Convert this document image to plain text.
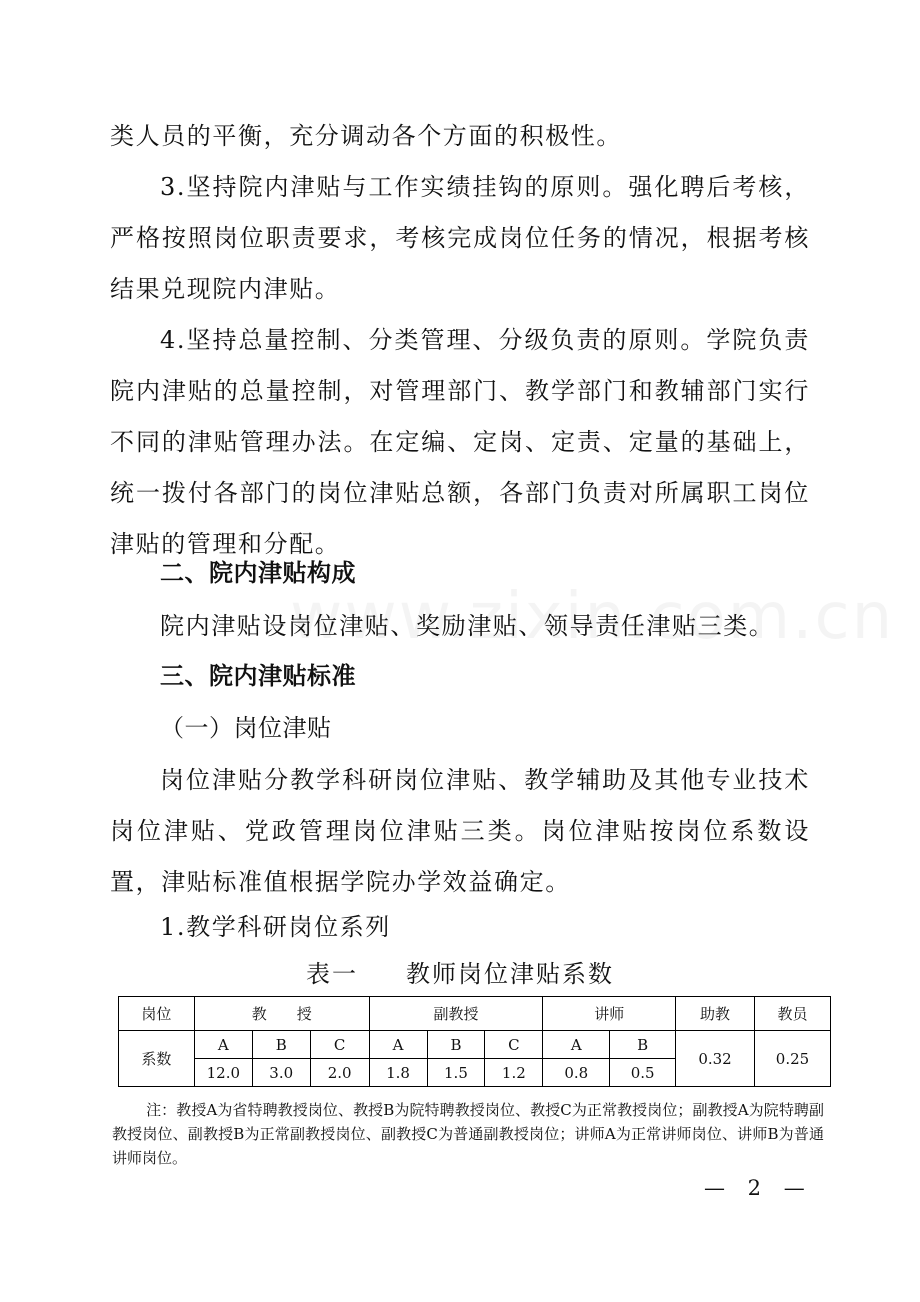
类人员的平衡，充分调动各个方面的积极性。

3.坚持院内津贴与工作实绩挂钩的原则。强化聘后考核，严格按照岗位职责要求，考核完成岗位任务的情况，根据考核结果兑现院内津贴。

4.坚持总量控制、分类管理、分级负责的原则。学院负责院内津贴的总量控制，对管理部门、教学部门和教辅部门实行不同的津贴管理办法。在定编、定岗、定责、定量的基础上，统一拨付各部门的岗位津贴总额，各部门负责对所属职工岗位津贴的管理和分配。

二、院内津贴构成

院内津贴设岗位津贴、奖励津贴、领导责任津贴三类。

三、院内津贴标准

（一）岗位津贴

岗位津贴分教学科研岗位津贴、教学辅助及其他专业技术岗位津贴、党政管理岗位津贴三类。岗位津贴按岗位系数设置，津贴标准值根据学院办学效益确定。

1.教学科研岗位系列

表一 教师岗位津贴系数
岗位	教　　授			副教授			讲师		助教	教员
系数	A	B	C	A	B	C	A	B	0.32	0.25
	12.0	3.0	2.0	1.8	1.5	1.2	0.8	0.5		

注：教授A为省特聘教授岗位、教授B为院特聘教授岗位、教授C为正常教授岗位；副教授A为院特聘副教授岗位、副教授B为正常副教授岗位、副教授C为普通副教授岗位；讲师A为正常讲师岗位、讲师B为普通讲师岗位。

— 2 —
